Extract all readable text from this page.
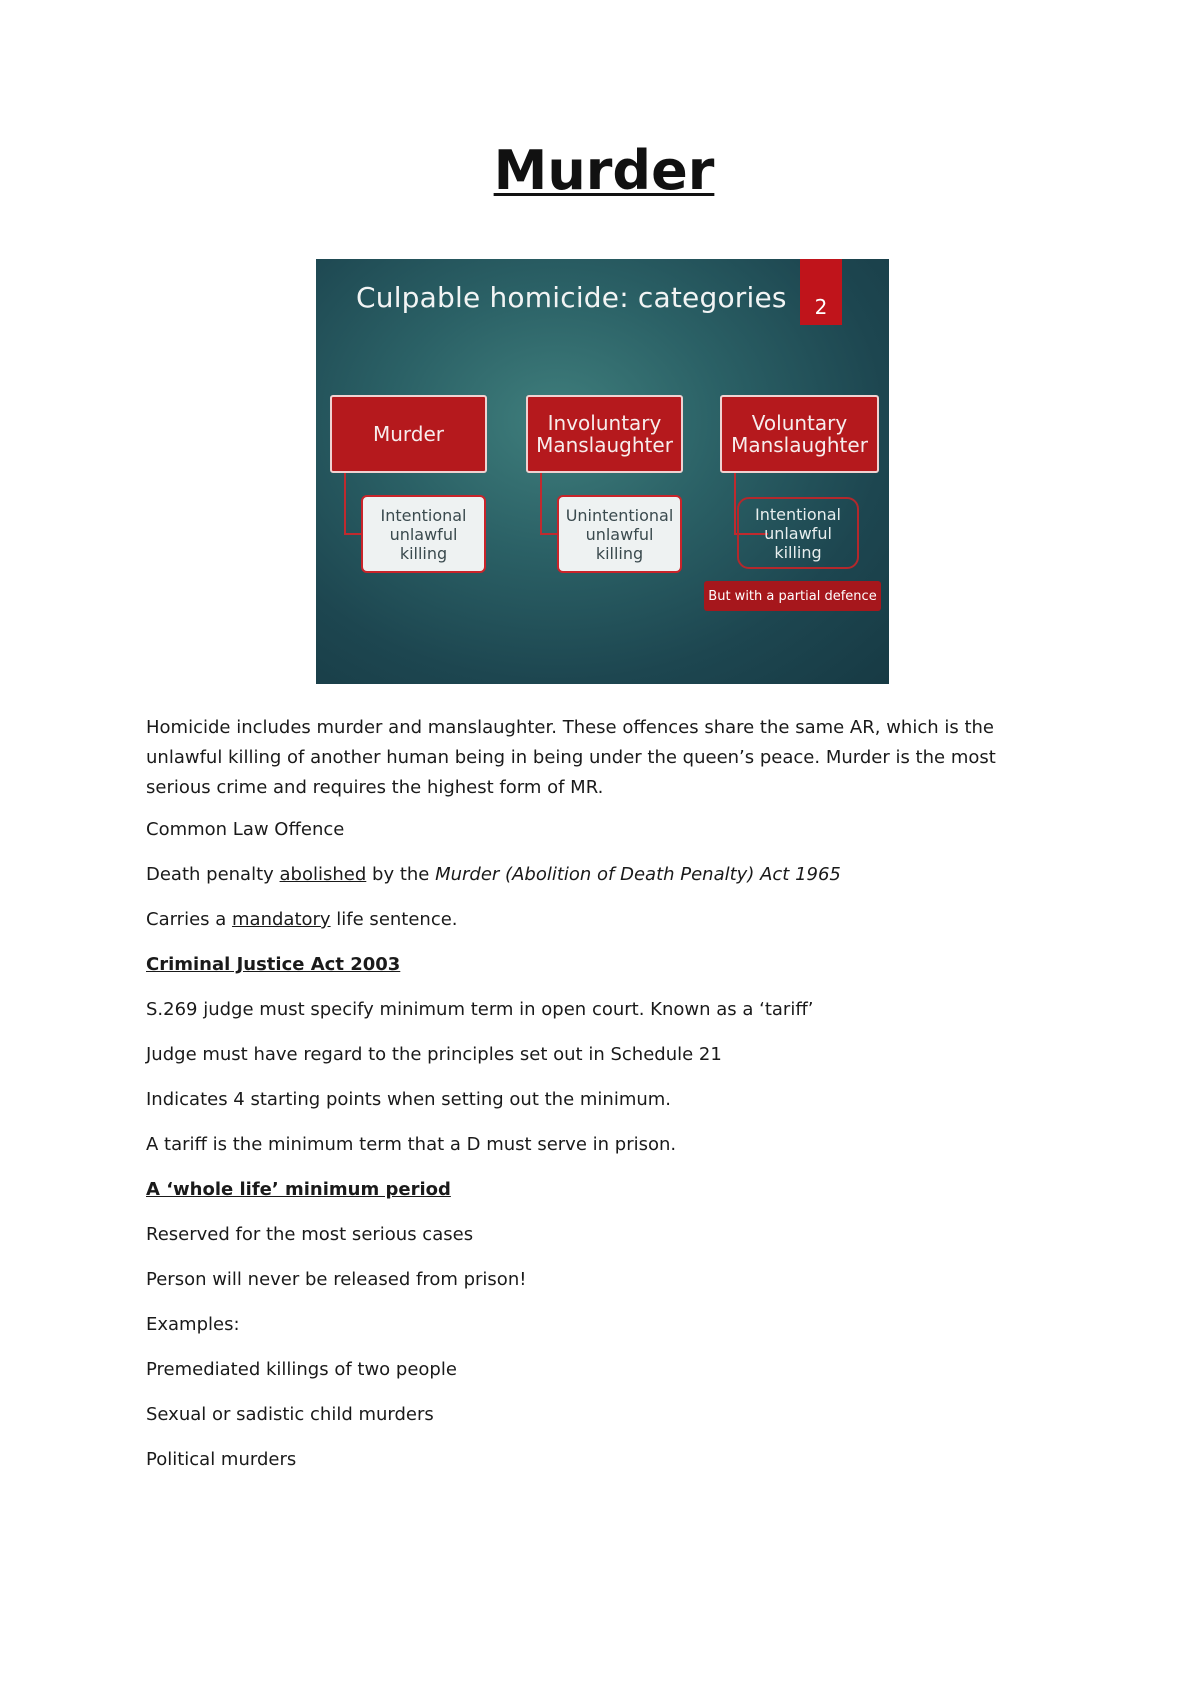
Murder
Culpable homicide: categories	2
Murder	Involuntary
Manslaughter
Voluntary
Manslaughter
Intentional
unlawful
killing
Unintentional
unlawful
killing
Intentional
unlawful
killing
But with a partial defence

Homicide includes murder and manslaughter. These offences share the same AR, which is the unlawful killing of another human being in being under the queen’s peace. Murder is the most serious crime and requires the highest form of MR.

Common Law Offence

Death penalty abolished by the Murder (Abolition of Death Penalty) Act 1965

Carries a mandatory life sentence.

Criminal Justice Act 2003

S.269 judge must specify minimum term in open court. Known as a ‘tariff’

Judge must have regard to the principles set out in Schedule 21

Indicates 4 starting points when setting out the minimum.

A tariff is the minimum term that a D must serve in prison.

A ‘whole life’ minimum period

Reserved for the most serious cases

Person will never be released from prison!

Examples:

Premediated killings of two people

Sexual or sadistic child murders

Political murders
